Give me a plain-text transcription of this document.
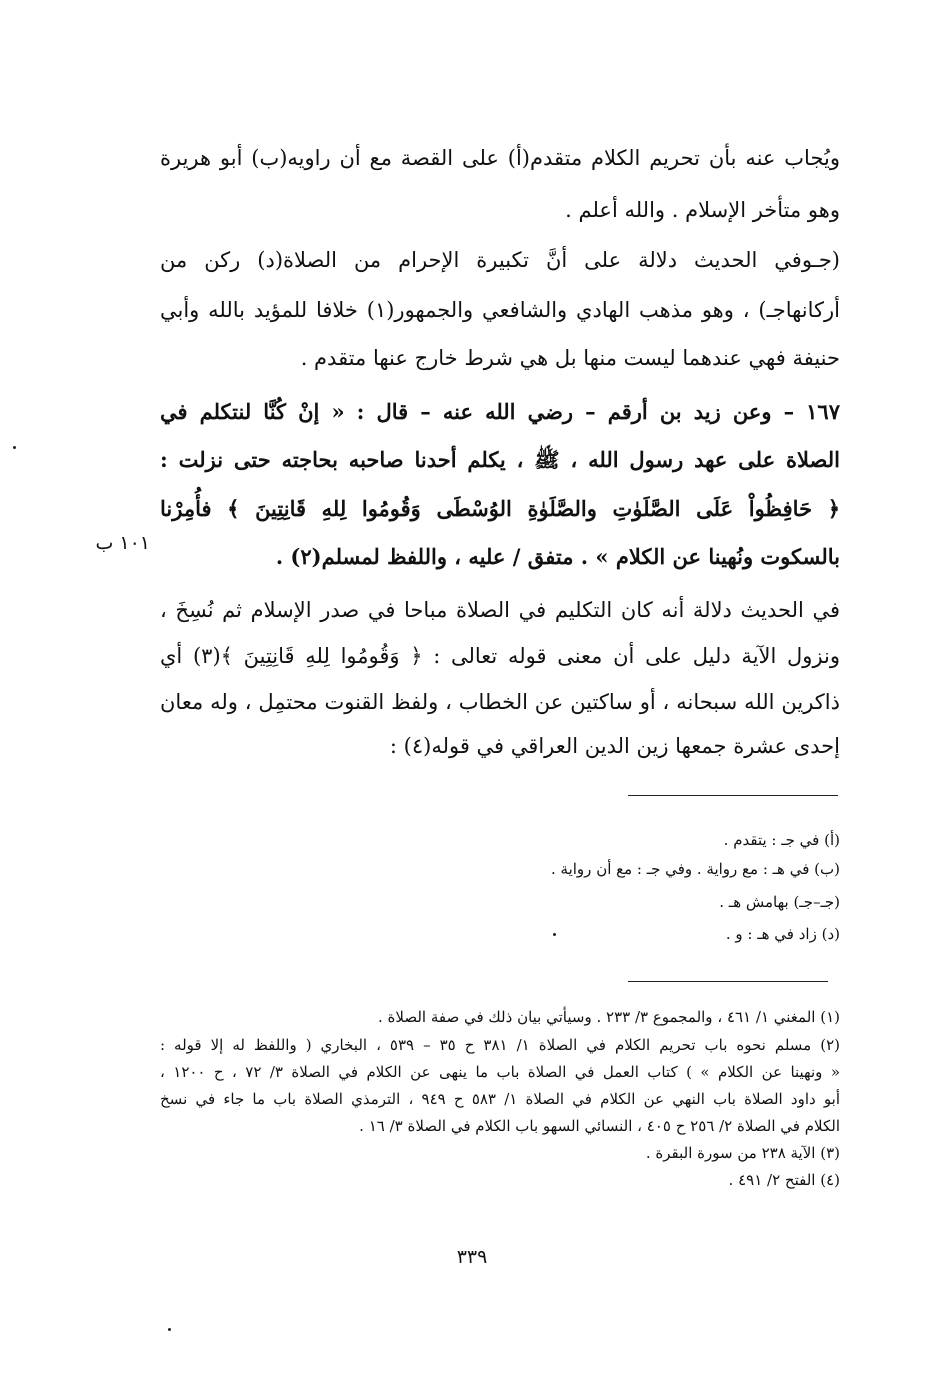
ويُجاب عنه بأن تحريم الكلام متقدم(أ) على القصة مع أن راويه(ب) أبو هريرة
وهو متأخر الإسلام . والله أعلم .
(جـوفي الحديث دلالة على أنَّ تكبيرة الإحرام من الصلاة(د) ركن من
أركانهاجـ) ، وهو مذهب الهادي والشافعي والجمهور(١) خلافا للمؤيد بالله وأبي
حنيفة فهي عندهما ليست منها بل هي شرط خارج عنها متقدم .
١٦٧ – وعن زيد بن أرقم – رضي الله عنه – قال : « إنْ كُنَّا لنتكلم في
الصلاة على عهد رسول الله ، ﷺ ، يكلم أحدنا صاحبه بحاجته حتى نزلت :
﴿ حَافِظُواْ عَلَى الصَّلَوٰتِ والصَّلَوٰةِ الوُسْطَى وَقُومُوا لِلهِ قَانِتِينَ ﴾ فأُمِرْنا
بالسكوت ونُهينا عن الكلام » . متفق / عليه ، واللفظ لمسلم(٢) .
١٠١ ب
في الحديث دلالة أنه كان التكليم في الصلاة مباحا في صدر الإسلام ثم نُسِخَ ،
ونزول الآية دليل على أن معنى قوله تعالى : ﴿ وَقُومُوا لِلهِ قَانِتِينَ ﴾(٣) أي
ذاكرين الله سبحانه ، أو ساكتين عن الخطاب ، ولفظ القنوت محتمِل ، وله معان
إحدى عشرة جمعها زين الدين العراقي في قوله(٤) :
(أ) في جـ : يتقدم .
(ب) في هـ : مع رواية . وفي جـ : مع أن رواية .
(جـ–جـ) بهامش هـ .
(د) زاد في هـ : و .
(١) المغني ١/ ٤٦١ ، والمجموع ٣/ ٢٣٣ . وسيأتي بيان ذلك في صفة الصلاة .
(٢) مسلم نحوه باب تحريم الكلام في الصلاة ١/ ٣٨١ ح ٣٥ – ٥٣٩ ، البخاري ( واللفظ له إلا قوله :
« ونهينا عن الكلام » ) كتاب العمل في الصلاة باب ما ينهى عن الكلام في الصلاة ٣/ ٧٢ ، ح ١٢٠٠ ،
أبو داود الصلاة باب النهي عن الكلام في الصلاة ١/ ٥٨٣ ح ٩٤٩ ، الترمذي الصلاة باب ما جاء في نسخ
الكلام في الصلاة ٢/ ٢٥٦ ح ٤٠٥ ، النسائي السهو باب الكلام في الصلاة ٣/ ١٦ .
(٣) الآية ٢٣٨ من سورة البقرة .
(٤) الفتح ٢/ ٤٩١ .
٣٣٩
